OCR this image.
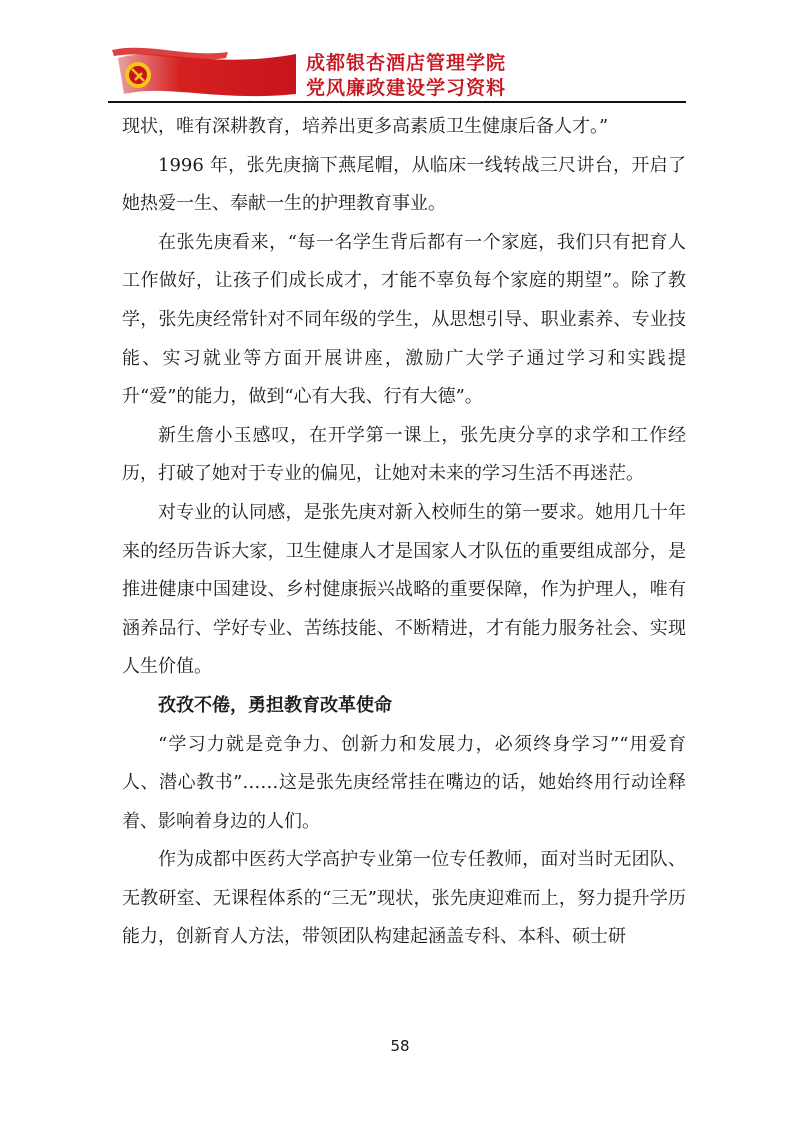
成都银杏酒店管理学院
党风廉政建设学习资料

现状，唯有深耕教育，培养出更多高素质卫生健康后备人才。”

1996 年，张先庚摘下燕尾帽，从临床一线转战三尺讲台，开启了她热爱一生、奉献一生的护理教育事业。

在张先庚看来，“每一名学生背后都有一个家庭，我们只有把育人工作做好，让孩子们成长成才，才能不辜负每个家庭的期望”。除了教学，张先庚经常针对不同年级的学生，从思想引导、职业素养、专业技能、实习就业等方面开展讲座，激励广大学子通过学习和实践提升“爱”的能力，做到“心有大我、行有大德”。

新生詹小玉感叹，在开学第一课上，张先庚分享的求学和工作经历，打破了她对于专业的偏见，让她对未来的学习生活不再迷茫。

对专业的认同感，是张先庚对新入校师生的第一要求。她用几十年来的经历告诉大家，卫生健康人才是国家人才队伍的重要组成部分，是推进健康中国建设、乡村健康振兴战略的重要保障，作为护理人，唯有涵养品行、学好专业、苦练技能、不断精进，才有能力服务社会、实现人生价值。

孜孜不倦，勇担教育改革使命

“学习力就是竞争力、创新力和发展力，必须终身学习”“用爱育人、潜心教书”……这是张先庚经常挂在嘴边的话，她始终用行动诠释着、影响着身边的人们。

作为成都中医药大学高护专业第一位专任教师，面对当时无团队、无教研室、无课程体系的“三无”现状，张先庚迎难而上，努力提升学历能力，创新育人方法，带领团队构建起涵盖专科、本科、硕士研

58
